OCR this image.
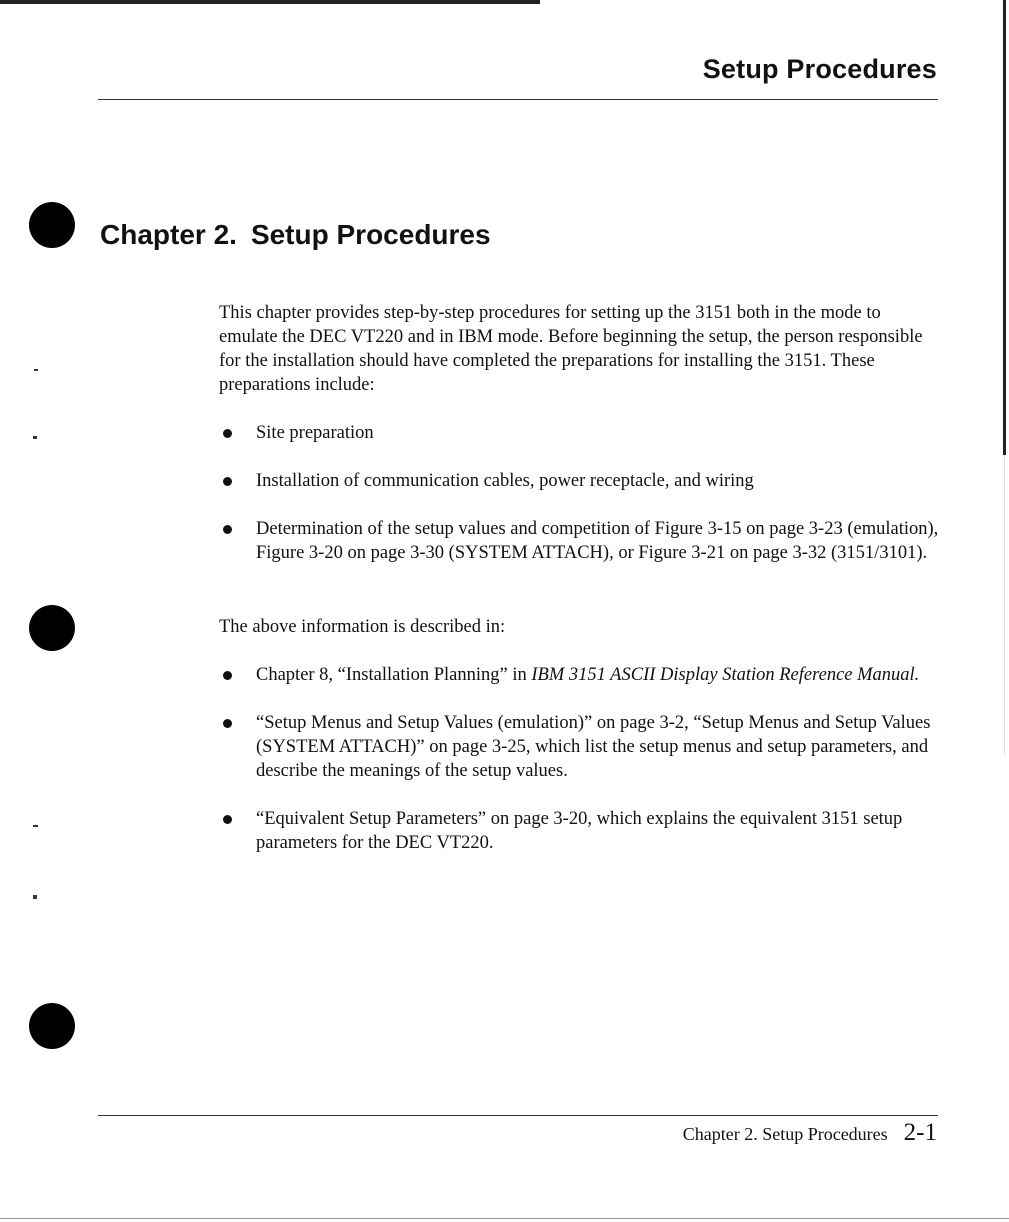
Setup Procedures
Chapter 2. Setup Procedures
This chapter provides step-by-step procedures for setting up the 3151 both in the mode to emulate the DEC VT220 and in IBM mode. Before beginning the setup, the person responsible for the installation should have completed the preparations for installing the 3151. These preparations include:
Site preparation
Installation of communication cables, power receptacle, and wiring
Determination of the setup values and competition of Figure 3-15 on page 3-23 (emulation), Figure 3-20 on page 3-30 (SYSTEM ATTACH), or Figure 3-21 on page 3-32 (3151/3101).
The above information is described in:
Chapter 8, “Installation Planning” in IBM 3151 ASCII Display Station Reference Manual.
“Setup Menus and Setup Values (emulation)” on page 3-2, “Setup Menus and Setup Values (SYSTEM ATTACH)” on page 3-25, which list the setup menus and setup parameters, and describe the meanings of the setup values.
“Equivalent Setup Parameters” on page 3-20, which explains the equivalent 3151 setup parameters for the DEC VT220.
Chapter 2. Setup Procedures 2-1
